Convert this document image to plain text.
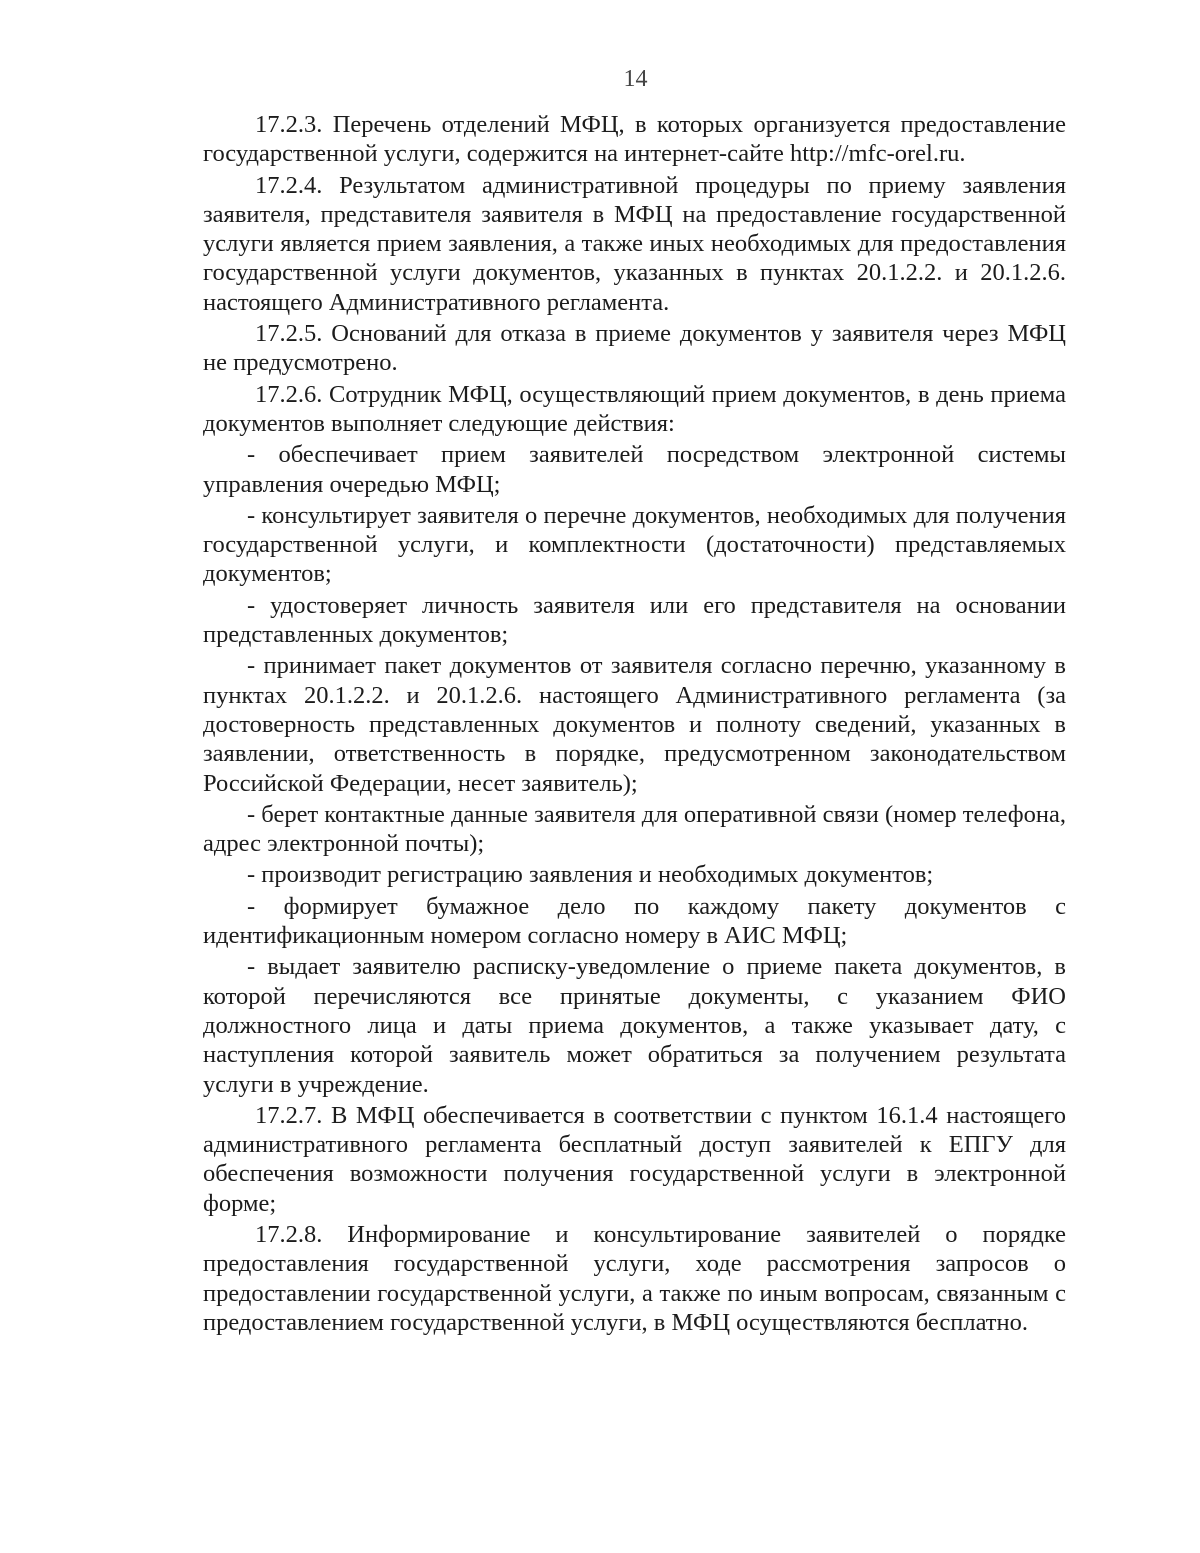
14

17.2.3. Перечень отделений МФЦ, в которых организуется предоставление государственной услуги, содержится на интернет-сайте http://mfc-orel.ru.

17.2.4. Результатом административной процедуры по приему заявления заявителя, представителя заявителя в МФЦ на предоставление государственной услуги является прием заявления, а также иных необходимых для предоставления государственной услуги документов, указанных в пунктах 20.1.2.2. и 20.1.2.6. настоящего Административного регламента.

17.2.5. Оснований для отказа в приеме документов у заявителя через МФЦ не предусмотрено.

17.2.6. Сотрудник МФЦ, осуществляющий прием документов, в день приема документов выполняет следующие действия:

- обеспечивает прием заявителей посредством электронной системы управления очередью МФЦ;

- консультирует заявителя о перечне документов, необходимых для получения государственной услуги, и комплектности (достаточности) представляемых документов;

- удостоверяет личность заявителя или его представителя на основании представленных документов;

- принимает пакет документов от заявителя согласно перечню, указанному в пунктах 20.1.2.2. и 20.1.2.6. настоящего Административного регламента (за достоверность представленных документов и полноту сведений, указанных в заявлении, ответственность в порядке, предусмотренном законодательством Российской Федерации, несет заявитель);

- берет контактные данные заявителя для оперативной связи (номер телефона, адрес электронной почты);

- производит регистрацию заявления и необходимых документов;

- формирует бумажное дело по каждому пакету документов с идентификационным номером согласно номеру в АИС МФЦ;

- выдает заявителю расписку-уведомление о приеме пакета документов, в которой перечисляются все принятые документы, с указанием ФИО должностного лица и даты приема документов, а также указывает дату, с наступления которой заявитель может обратиться за получением результата услуги в учреждение.

17.2.7. В МФЦ обеспечивается в соответствии с пунктом 16.1.4 настоящего административного регламента бесплатный доступ заявителей к ЕПГУ для обеспечения возможности получения государственной услуги в электронной форме;

17.2.8. Информирование и консультирование заявителей о порядке предоставления государственной услуги, ходе рассмотрения запросов о предоставлении государственной услуги, а также по иным вопросам, связанным с предоставлением государственной услуги, в МФЦ осуществляются бесплатно.
